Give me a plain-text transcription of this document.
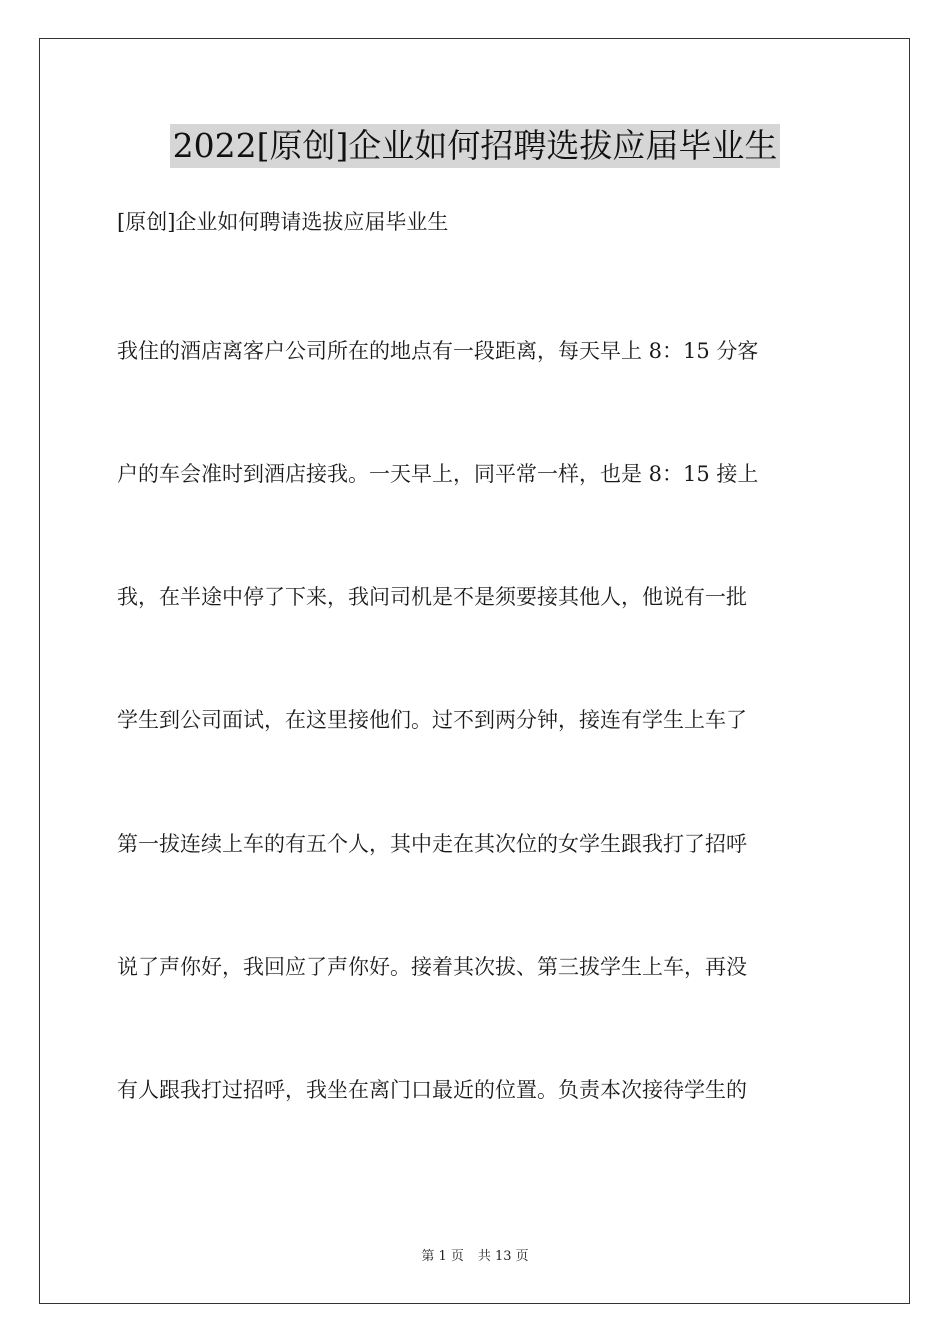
2022[原创]企业如何招聘选拔应届毕业生
[原创]企业如何聘请选拔应届毕业生
我住的酒店离客户公司所在的地点有一段距离，每天早上 8：15 分客
户的车会准时到酒店接我。一天早上，同平常一样，也是 8：15 接上
我，在半途中停了下来，我问司机是不是须要接其他人，他说有一批
学生到公司面试，在这里接他们。过不到两分钟，接连有学生上车了
第一拔连续上车的有五个人，其中走在其次位的女学生跟我打了招呼
说了声你好，我回应了声你好。接着其次拔、第三拔学生上车，再没
有人跟我打过招呼，我坐在离门口最近的位置。负责本次接待学生的
第 1 页 共 13 页
